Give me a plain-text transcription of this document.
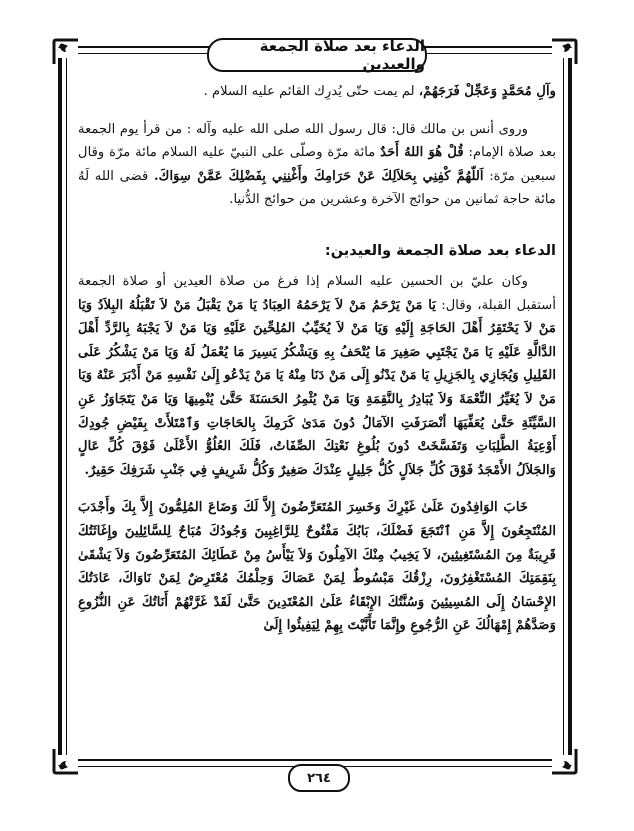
الدعاء بعد صلاة الجمعة والعيدين

وآلِ مُحَمَّدٍ وَعَجِّلْ فَرَجَهُمْ، لم يمت حتّى يُدرِك القائم عليه السلام .

وروى أنس بن مالك قال: قال رسول الله صلى الله عليه وآله : من قرأ يوم الجمعة بعد صلاة الإمام: قُلْ هُوَ اللهُ أَحَدٌ مائة مرّة وصلّى على النبيّ عليه السلام مائة مرّة وقال سبعين مرّة: اَللّهُمَّ كْفِنِي بِحَلاَلِكَ عَنْ حَرَامِكَ وأَغْنِنِي بِفَضْلِكَ عَمَّنْ سِوَاكَ. قضى الله لَهُ مائة حاجة ثمانين من حوائج الآخرة وعشرين من حوائج الدُّنيا.

الدعاء بعد صلاة الجمعة والعيدين:

وكان عليّ بن الحسين عليه السلام إذا فرغ من صلاة العيدين أو صلاة الجمعة أستقبل القبلة، وقال: يَا مَنْ يَرْحَمُ مَنْ لاَ يَرْحَمُهُ العِبَادُ يَا مَنْ يَقْبَلُ مَنْ لاَ تَقْبَلُهُ البِلاَدُ وَيَا مَنْ لاَ يَحْتَقِرُ أَهْلَ الحَاجَةِ إِلَيْهِ وَيَا مَنْ لاَ يُخَيِّبُ المُلِحِّينَ عَلَيْهِ وَيَا مَنْ لاَ يَجْبَهُ بِالرَّدِّ أَهْلَ الدَّالَّةِ عَلَيْهِ يَا مَنْ يَجْتَبِي صَغِيرَ مَا يُتْحَفُ بِهِ وَيَشْكُرُ يَسِيرَ مَا يُعْمَلُ لَهُ وَيَا مَنْ يَشْكُرُ عَلَى القَلِيلِ وَيُجَازِي بِالجَزِيلِ يَا مَنْ يَدْنُو إِلَى مَنْ دَنَا مِنْهُ يَا مَنْ يَدْعُو إِلَىٰ نَفْسِهِ مَنْ أَدْبَرَ عَنْهُ وَيَا مَنْ لاَ يُغَيِّرُ النِّعْمَةَ وَلاَ يُبَادِرُ بِالنَّقِمَةِ وَيَا مَنْ يُثْمِرُ الحَسَنَةَ حَتَّىٰ يُنْمِيهَا وَيَا مَنْ يَتَجَاوَزُ عَنِ السَّيِّئَةِ حَتَّىٰ يُعَفِّيَهَا أنْصَرَفَتِ الآمَالُ دُونَ مَدَىٰ كَرَمِكَ بِالحَاجَاتِ وَٱمْتَلأَتْ بِفَيْضِ جُودِكَ أَوْعِيَةُ الطَّلِبَاتِ وَتَفَسَّخَتْ دُونَ بُلُوغِ نَعْتِكَ الصِّفَاتُ، فَلَكَ العُلُوُّ الأَعْلَىٰ فَوْقَ كُلِّ عَالٍ وَالجَلاَلُ الأَمْجَدُ فَوْقَ كُلِّ جَلاَلٍ كُلُّ جَلِيلٍ عِنْدَكَ صَغِيرٌ وَكُلُّ شَرِيفٍ فِي جَنْبِ شَرَفِكَ حَقِيرٌ.

خَابَ الوَافِدُونَ عَلَىٰ غَيْرِكَ وَخَسِرَ المُتَعَرِّضُونَ إِلاَّ لَكَ وَضَاعَ المُلِمُّونَ إِلاَّ بِكَ وأَجْدَبَ المُنْتَجِعُونَ إِلاَّ مَنِ ٱنْتَجَعَ فَضْلَكَ، بَابُكَ مَفْتُوحٌ لِلرَّاغِبِينَ وَجُودُكَ مُبَاحٌ لِلسَّائِلِينَ وإِغَاثَتُكَ قَرِيبَةٌ مِنَ المُسْتَغِيثِينَ، لاَ يَخِيبُ مِنْكَ الآمِلُونَ وَلاَ يَيْأَسُ مِنْ عَطَائِكَ المُتَعَرِّضُونَ وَلاَ يَشْقَىٰ بِنَقِمَتِكَ المُسْتَغْفِرُونَ، رِزْقُكَ مَبْسُوطٌ لِمَنْ عَصَاكَ وَحِلْمُكَ مُعْتَرِضٌ لِمَنْ نَاوَاكَ، عَادَتُكَ الإِحْسَانُ إِلَى المُسِيئِينَ وَسُنَّتُكَ الإِبْقَاءُ عَلَىٰ المُعْتَدِينَ حَتَّىٰ لَقَدْ غَرَّتْهُمْ أَنَاتُكَ عَنِ النُّزُوعِ وَصَدَّهُمْ إِمْهَالُكَ عَنِ الرُّجُوعِ وإِنَّمَا تَأَنَّيْتَ بِهِمْ لِيَفِيئُوا إِلَىٰ

٢٦٤
